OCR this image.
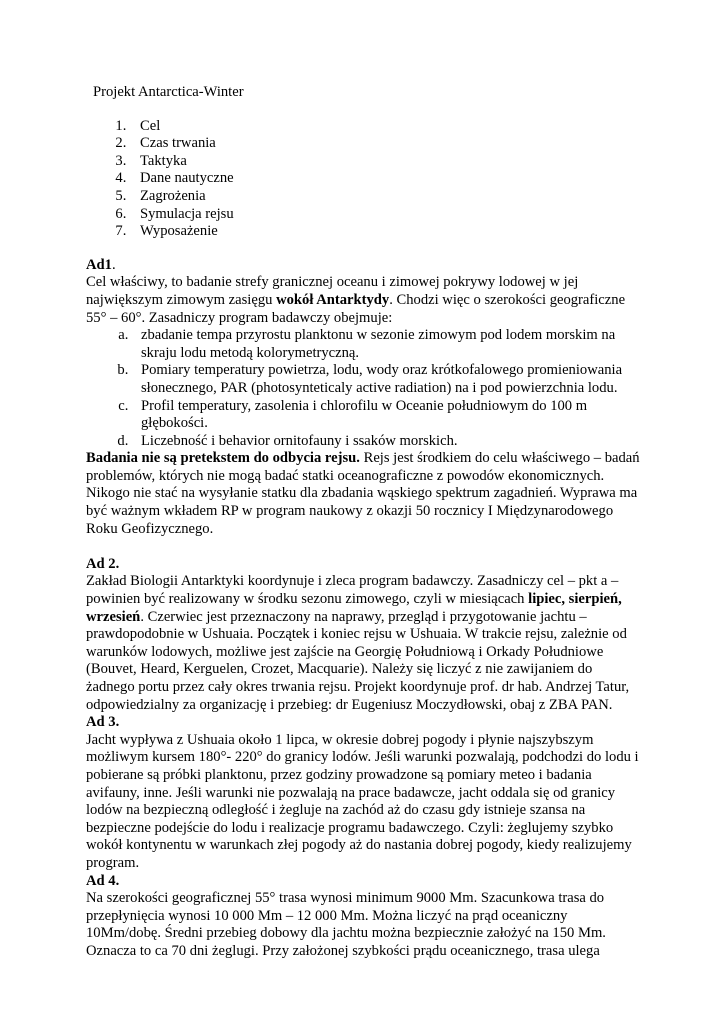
Projekt Antarctica-Winter
1. Cel
2. Czas trwania
3. Taktyka
4. Dane nautyczne
5. Zagrożenia
6. Symulacja rejsu
7. Wyposażenie
Ad1.

Cel właściwy, to badanie strefy granicznej oceanu i zimowej pokrywy lodowej w jej największym zimowym zasięgu wokół Antarktydy. Chodzi więc o szerokości geograficzne 55° – 60°. Zasadniczy program badawczy obejmuje:

a. zbadanie tempa przyrostu planktonu w sezonie zimowym pod lodem morskim na skraju lodu metodą kolorymetryczną.
b. Pomiary temperatury powietrza, lodu, wody oraz krótkofalowego promieniowania słonecznego, PAR (photosynteticaly active radiation) na i pod powierzchnia lodu.
c. Profil temperatury, zasolenia i chlorofilu w Oceanie południowym do 100 m głębokości.
d. Liczebność i behavior ornitofauny i ssaków morskich.

Badania nie są pretekstem do odbycia rejsu. Rejs jest środkiem do celu właściwego – badań problemów, których nie mogą badać statki oceanograficzne z powodów ekonomicznych. Nikogo nie stać na wysyłanie statku dla zbadania wąskiego spektrum zagadnień. Wyprawa ma być ważnym wkładem RP w program naukowy z okazji 50 rocznicy I Międzynarodowego Roku Geofizycznego.

Ad 2.

Zakład Biologii Antarktyki koordynuje i zleca program badawczy. Zasadniczy cel – pkt a – powinien być realizowany w środku sezonu zimowego, czyli w miesiącach lipiec, sierpień, wrzesień. Czerwiec jest przeznaczony na naprawy, przegląd i przygotowanie jachtu – prawdopodobnie w Ushuaia. Początek i koniec rejsu w Ushuaia. W trakcie rejsu, zależnie od warunków lodowych, możliwe jest zajście na Georgię Południową i Orkady Południowe (Bouvet, Heard, Kerguelen, Crozet, Macquarie). Należy się liczyć z nie zawijaniem do żadnego portu przez cały okres trwania rejsu. Projekt koordynuje prof. dr hab. Andrzej Tatur, odpowiedzialny za organizację i przebieg: dr Eugeniusz Moczydłowski, obaj z ZBA PAN.

Ad 3.

Jacht wypływa z Ushuaia około 1 lipca, w okresie dobrej pogody i płynie najszybszym możliwym kursem 180°- 220° do granicy lodów. Jeśli warunki pozwalają, podchodzi do lodu i pobierane są próbki planktonu, przez godziny prowadzone są pomiary meteo i badania avifauny, inne. Jeśli warunki nie pozwalają na prace badawcze, jacht oddala się od granicy lodów na bezpieczną odległość i żegluje na zachód aż do czasu gdy istnieje szansa na bezpieczne podejście do lodu i realizacje programu badawczego. Czyli: żeglujemy szybko wokół kontynentu w warunkach złej pogody aż do nastania dobrej pogody, kiedy realizujemy program.

Ad 4.

Na szerokości geograficznej 55° trasa wynosi minimum 9000 Mm. Szacunkowa trasa do przepłynięcia wynosi 10 000 Mm – 12 000 Mm. Można liczyć na prąd oceaniczny 10Mm/dobę. Średni przebieg dobowy dla jachtu można bezpiecznie założyć na 150 Mm. Oznacza to ca 70 dni żeglugi. Przy założonej szybkości prądu oceanicznego, trasa ulega
